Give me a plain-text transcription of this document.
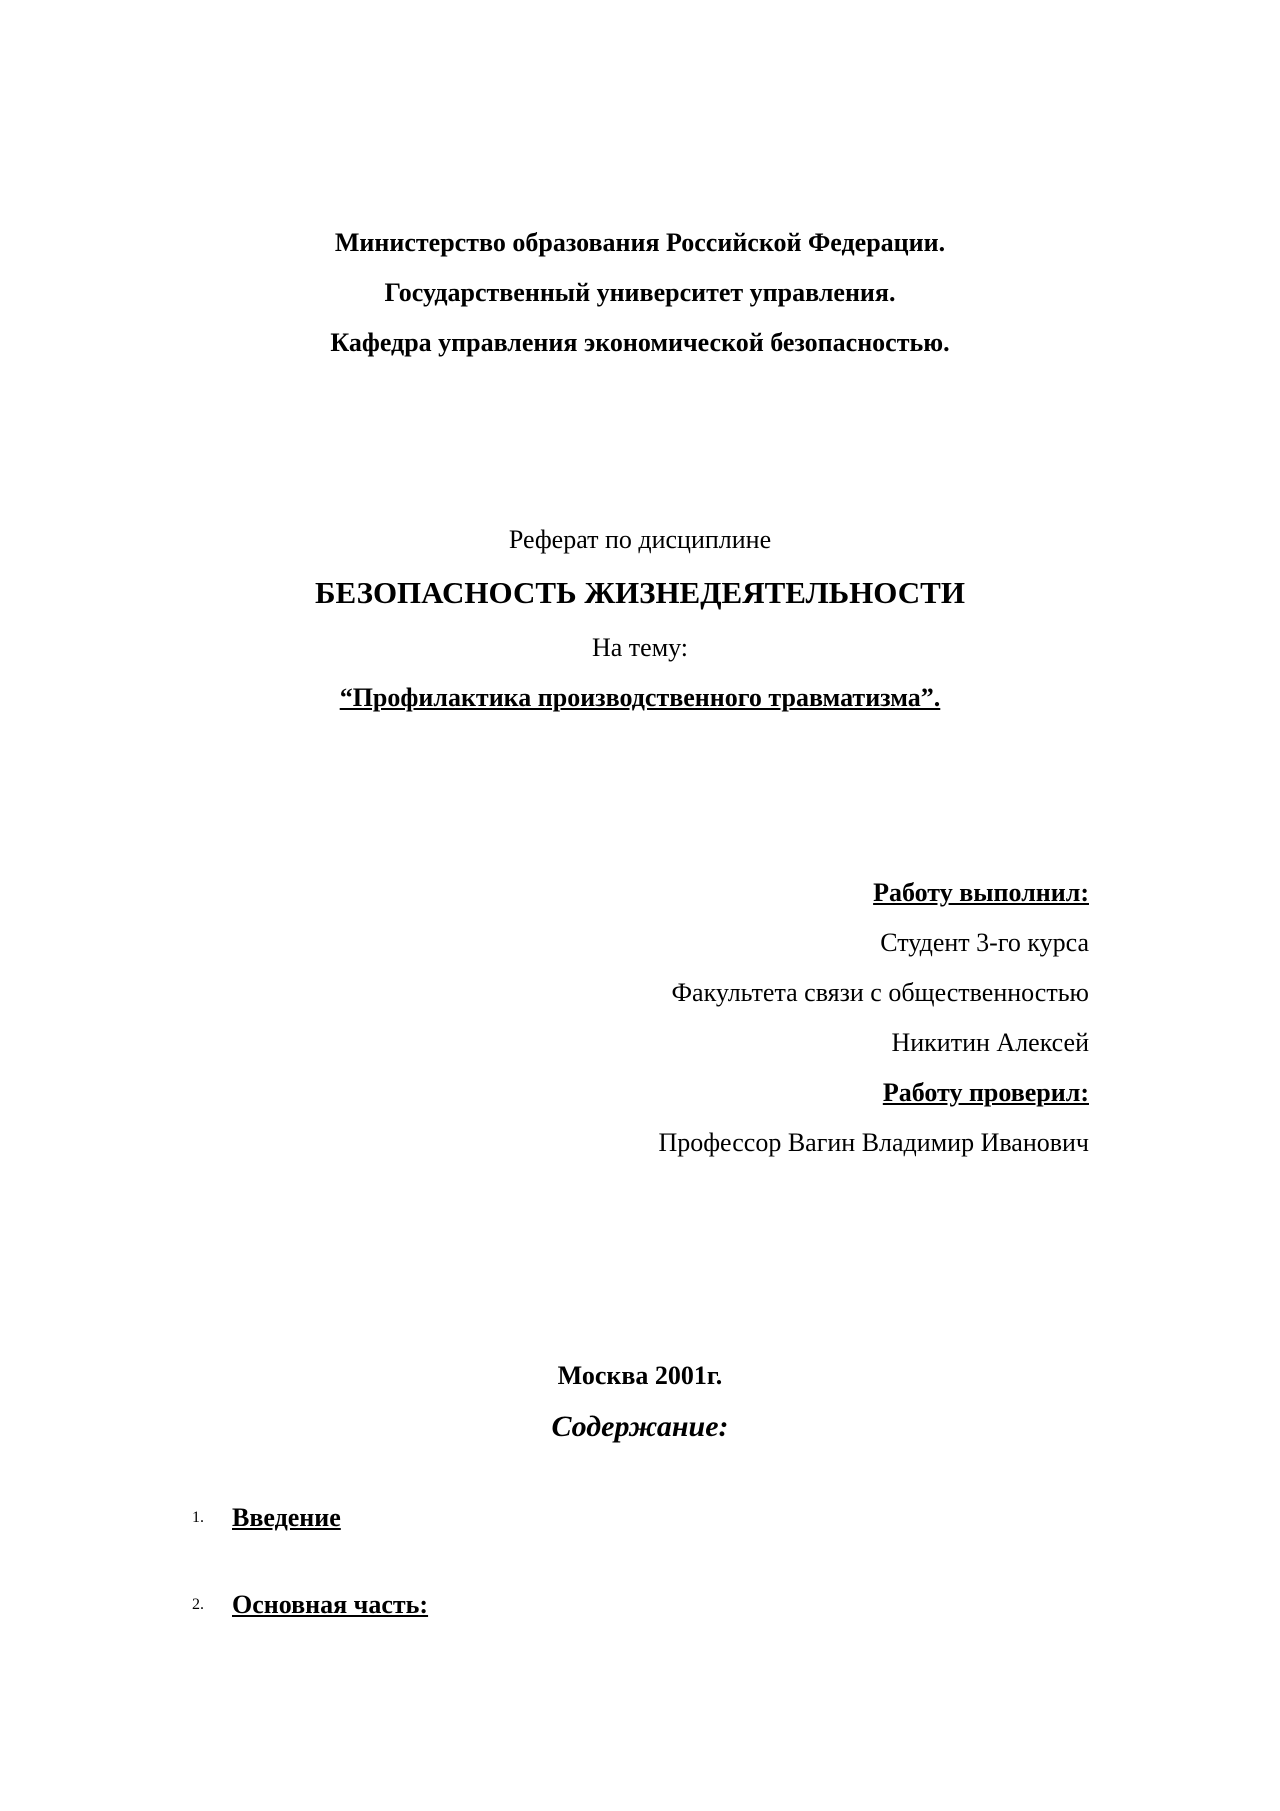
Министерство образования Российской Федерации.
Государственный университет управления.
Кафедра управления экономической безопасностью.
Реферат по дисциплине
БЕЗОПАСНОСТЬ ЖИЗНЕДЕЯТЕЛЬНОСТИ
На тему:
“Профилактика производственного травматизма”.
Работу выполнил:
Студент 3-го курса
Факультета связи с общественностью
Никитин Алексей
Работу проверил:
Профессор Вагин Владимир Иванович
Москва 2001г.
Содержание:
1. Введение
2. Основная часть:
